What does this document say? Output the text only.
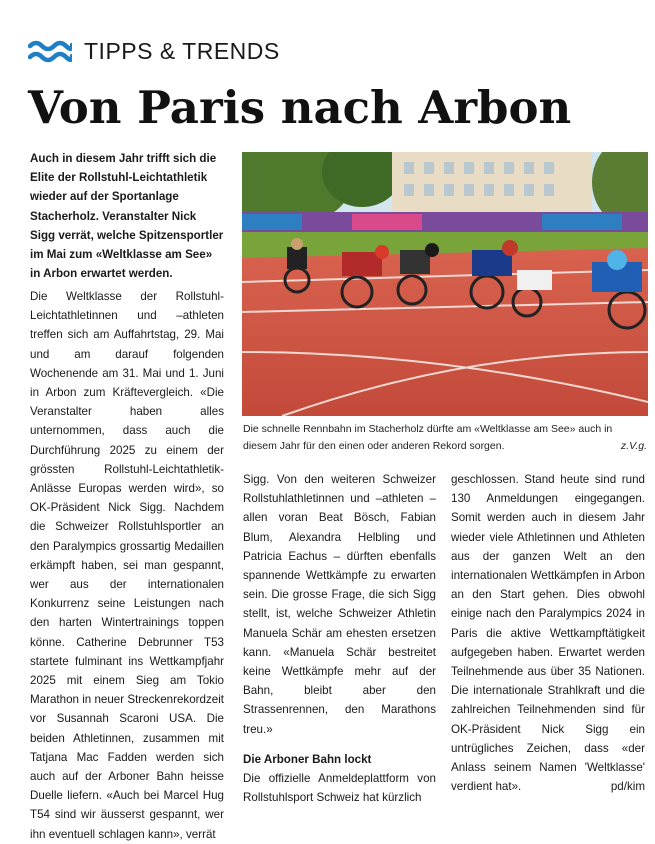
TIPPS & TRENDS
Von Paris nach Arbon
Auch in diesem Jahr trifft sich die Elite der Rollstuhl-Leichtathletik wieder auf der Sportanlage Stacherholz. Veranstalter Nick Sigg verrät, welche Spitzensportler im Mai zum «Weltklasse am See» in Arbon erwartet werden.

Die Weltklasse der Rollstuhl-Leichtathletinnen und –athleten treffen sich am Auffahrtstag, 29. Mai und am darauf folgenden Wochenende am 31. Mai und 1. Juni in Arbon zum Kräftevergleich. «Die Veranstalter haben alles unternommen, dass auch die Durchführung 2025 zu einem der grössten Rollstuhl-Leichtathletik-Anlässe Europas werden wird», so OK-Präsident Nick Sigg. Nachdem die Schweizer Rollstuhlsportler an den Paralympics grossartig Medaillen erkämpft haben, sei man gespannt, wer aus der internationalen Konkurrenz seine Leistungen nach den harten Wintertrainings toppen könne. Catherine Debrunner T53 startete fulminant ins Wettkampfjahr 2025 mit einem Sieg am Tokio Marathon in neuer Streckenrekordzeit vor Susannah Scaroni USA. Die beiden Athletinnen, zusammen mit Tatjana Mac Fadden werden sich auch auf der Arboner Bahn heisse Duelle liefern. «Auch bei Marcel Hug T54 sind wir äusserst gespannt, wer ihn eventuell schlagen kann», verrät

Die schnelle Rennbahn im Stacherholz dürfte am «Weltklasse am See» auch in diesem Jahr für den einen oder anderen Rekord sorgen.	z.V.g.

Sigg. Von den weiteren Schweizer Rollstuhlathletinnen und –athleten – allen voran Beat Bösch, Fabian Blum, Alexandra Helbling und Patricia Eachus – dürften ebenfalls spannende Wettkämpfe zu erwarten sein. Die grosse Frage, die sich Sigg stellt, ist, welche Schweizer Athletin Manuela Schär am ehesten ersetzen kann. «Manuela Schär bestreitet keine Wettkämpfe mehr auf der Bahn, bleibt aber den Strassenrennen, den Marathons treu.»

Die Arboner Bahn lockt

Die offizielle Anmeldeplattform von Rollstuhlsport Schweiz hat kürzlich

geschlossen. Stand heute sind rund 130 Anmeldungen eingegangen. Somit werden auch in diesem Jahr wieder viele Athletinnen und Athleten aus der ganzen Welt an den internationalen Wettkämpfen in Arbon an den Start gehen. Dies obwohl einige nach den Paralympics 2024 in Paris die aktive Wettkampftätigkeit aufgegeben haben. Erwartet werden Teilnehmende aus über 35 Nationen. Die internationale Strahlkraft und die zahlreichen Teilnehmenden sind für OK-Präsident Nick Sigg ein untrügliches Zeichen, dass «der Anlass seinem Namen 'Weltklasse' verdient hat».	pd/kim
